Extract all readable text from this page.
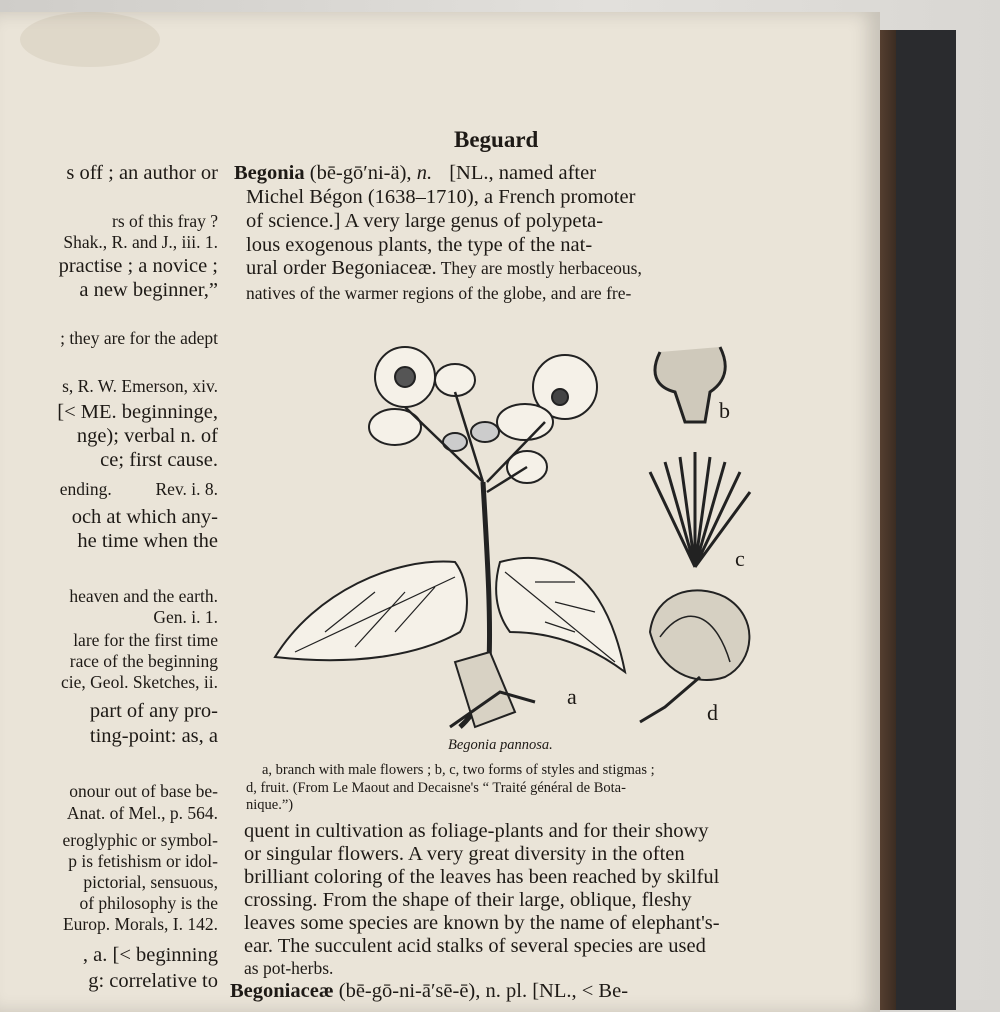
s off ; an author or
rs of this fray ?
Shak., R. and J., iii. 1.
practise ; a novice ;
a new beginner,”
; they are for the adept
s, R. W. Emerson, xiv.
[< ME. beginninge,
nge); verbal n. of
ce; first cause.
ending.          Rev. i. 8.
och at which any-
he time when the
heaven and the earth.
Gen. i. 1.
lare for the first time
race of the beginning
cie, Geol. Sketches, ii.
part of any pro-
ting-point: as, a
onour out of base be-
Anat. of Mel., p. 564.
eroglyphic or symbol-
p is fetishism or idol-
pictorial, sensuous,
of philosophy is the
Europ. Morals, I. 142.
, a. [< beginning
g: correlative to
Beguard
Begonia (bē-gō′ni-ä), n. [NL., named after
Michel Bégon (1638–1710), a French promoter
of science.] A very large genus of polypeta-
lous exogenous plants, the type of the nat-
ural order Begoniaceæ. They are mostly herbaceous,
natives of the warmer regions of the globe, and are fre-
a
b
c
d
Begonia pannosa.
a, branch with male flowers ; b, c, two forms of styles and stigmas ;
d, fruit. (From Le Maout and Decaisne's “ Traité général de Bota-
nique.”)
quent in cultivation as foliage-plants and for their showy
or singular flowers. A very great diversity in the often
brilliant coloring of the leaves has been reached by skilful
crossing. From the shape of their large, oblique, fleshy
leaves some species are known by the name of elephant's-
ear. The succulent acid stalks of several species are used
as pot-herbs.
Begoniaceæ (bē-gō-ni-ā′sē-ē), n. pl. [NL., < Be-
